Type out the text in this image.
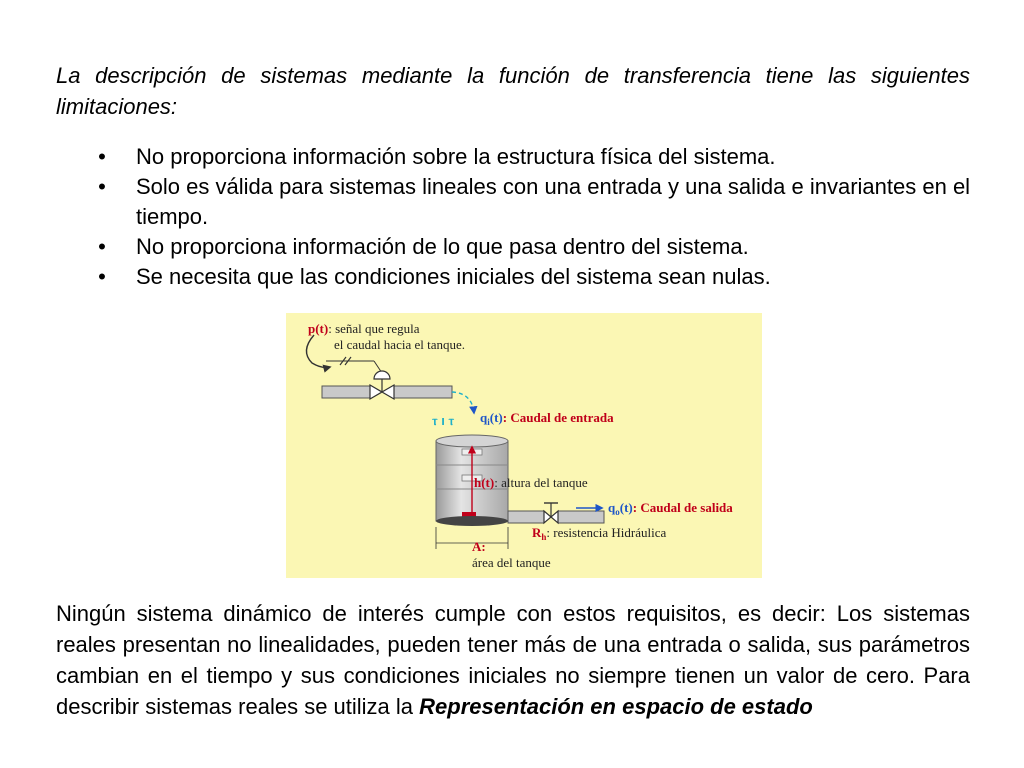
La descripción de sistemas mediante la función de transferencia tiene las siguientes limitaciones:

• No proporciona información sobre la estructura física del sistema.
• Solo es válida para sistemas lineales con una entrada y una salida e invariantes en el tiempo.
• No proporciona información de lo que pasa dentro del sistema.
• Se necesita que las condiciones iniciales del sistema sean nulas.
ⲧ ı ⲧ
p(t): señal que regula
el caudal hacia el tanque.
$q_i(t)$: Caudal de entrada
h(t): altura del tanque
$q_o(t)$: Caudal de salida
$R_h$: resistencia Hidráulica
A:
área del tanque

Ningún sistema dinámico de interés cumple con estos requisitos, es decir: Los sistemas reales presentan no linealidades, pueden tener más de una entrada o salida, sus parámetros cambian en el tiempo y sus condiciones iniciales no siempre tienen un valor de cero. Para describir sistemas reales se utiliza la Representación en espacio de estado
